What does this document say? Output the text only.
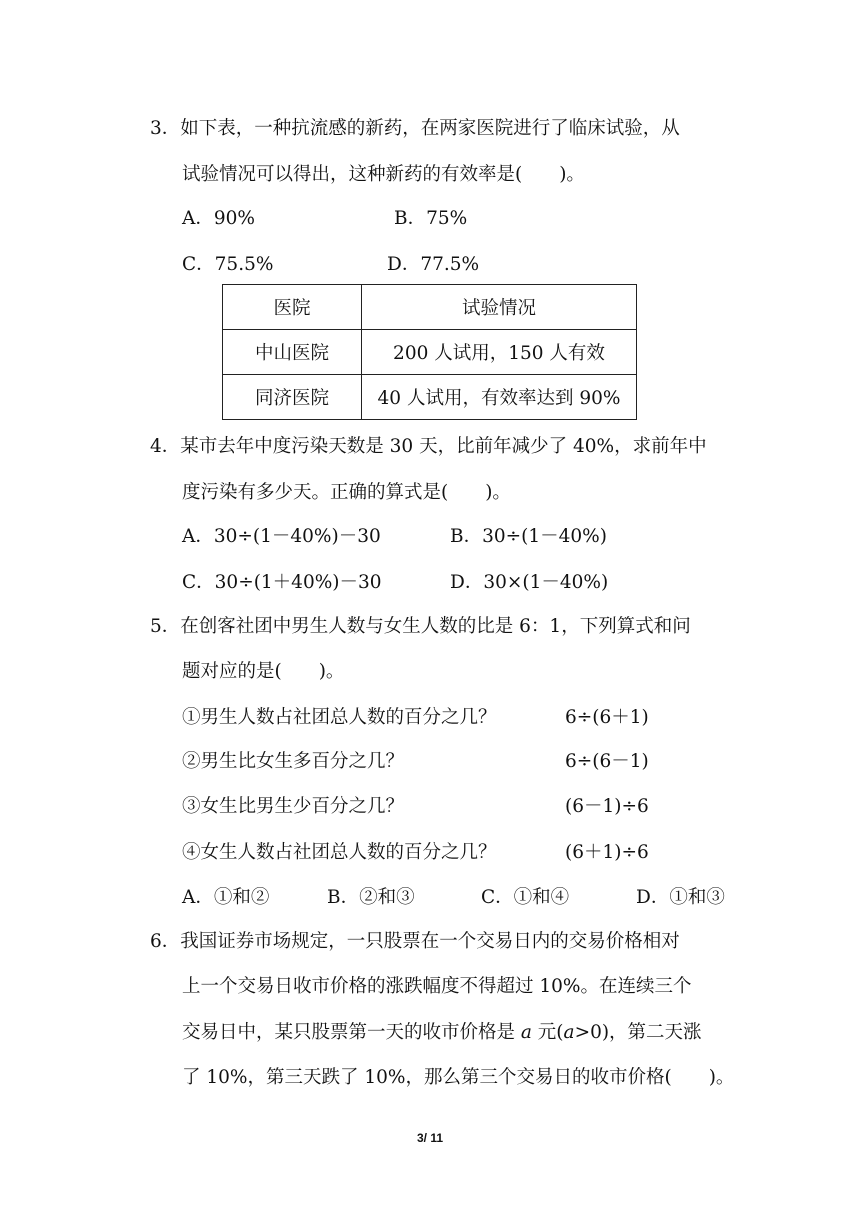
3．如下表，一种抗流感的新药，在两家医院进行了临床试验，从
试验情况可以得出，这种新药的有效率是(　　)。
A．90%	B．75%
C．75.5%	D．77.5%
医院	试验情况
中山医院	200 人试用，150 人有效
同济医院	40 人试用，有效率达到 90%
4．某市去年中度污染天数是 30 天，比前年减少了 40%，求前年中
度污染有多少天。正确的算式是(　　)。
A．30÷(1－40%)－30	B．30÷(1－40%)
C．30÷(1＋40%)－30	D．30×(1－40%)
5．在创客社团中男生人数与女生人数的比是 6：1，下列算式和问
题对应的是(　　)。
①男生人数占社团总人数的百分之几？	6÷(6＋1)
②男生比女生多百分之几？	6÷(6－1)
③女生比男生少百分之几？	(6－1)÷6
④女生人数占社团总人数的百分之几？	(6＋1)÷6
A．①和②	B．②和③	C．①和④	D．①和③
6．我国证券市场规定，一只股票在一个交易日内的交易价格相对
上一个交易日收市价格的涨跌幅度不得超过 10%。在连续三个
交易日中，某只股票第一天的收市价格是 a 元(a>0)，第二天涨
了 10%，第三天跌了 10%，那么第三个交易日的收市价格(　　)。
3/ 11
